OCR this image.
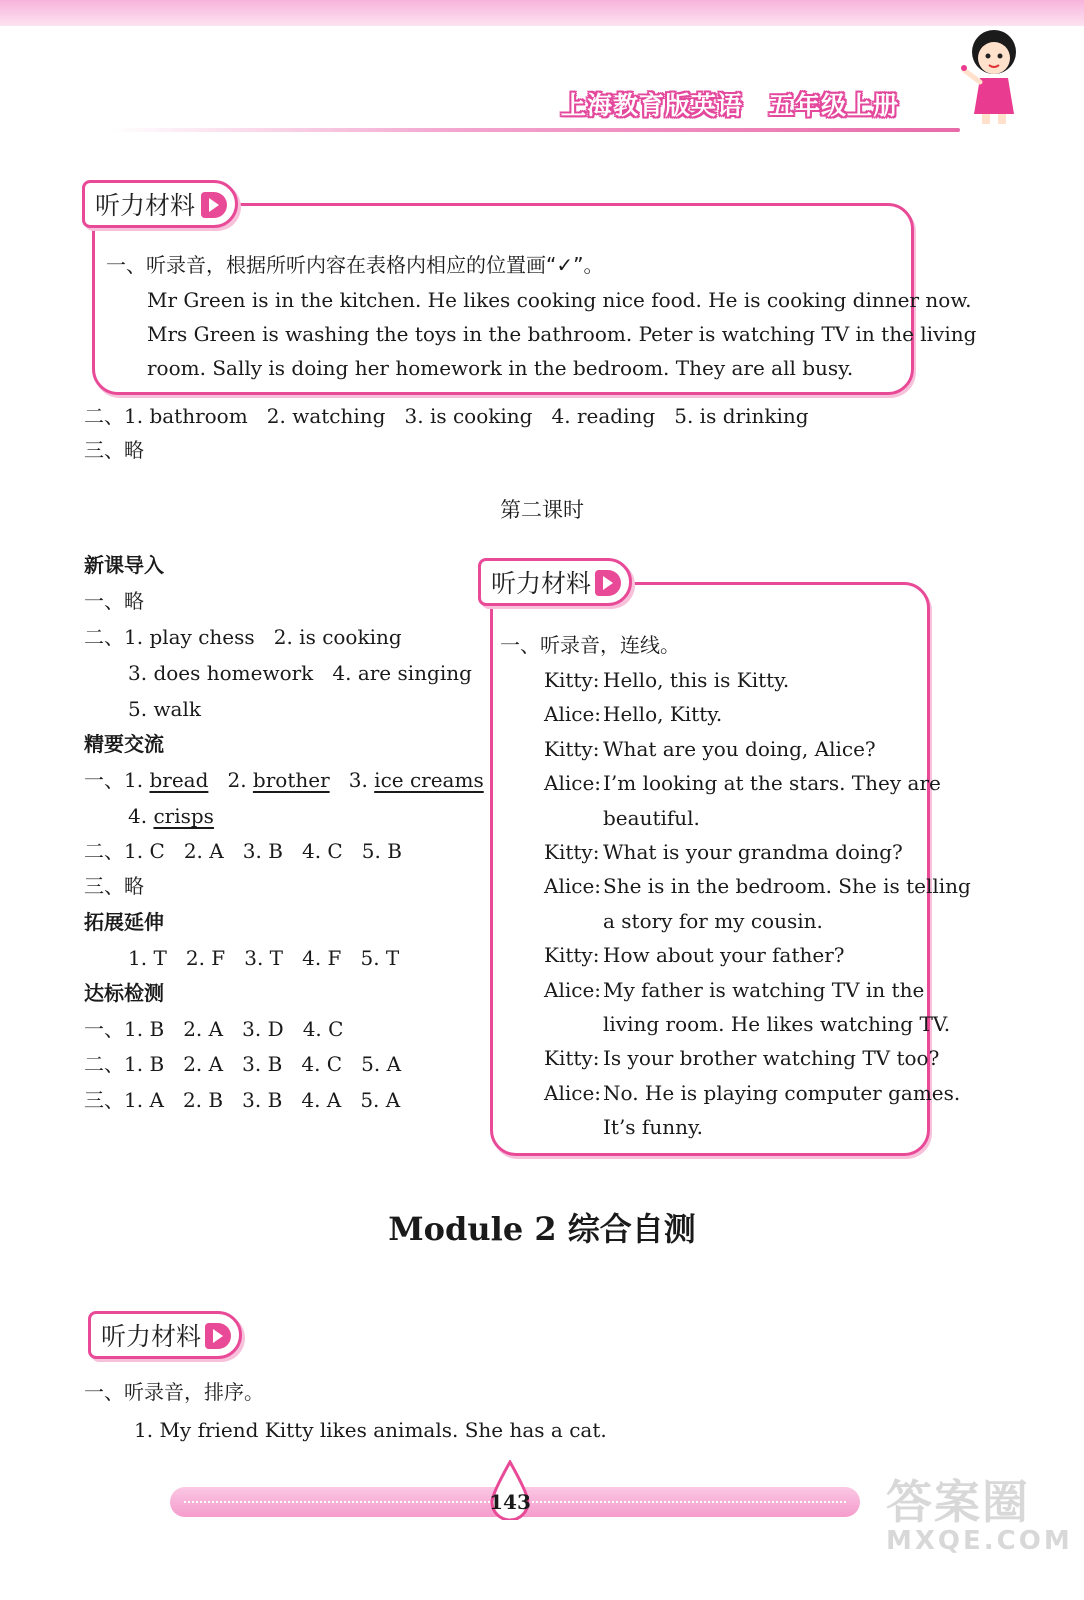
上海教育版英语 五年级上册
听力材料
一、听录音，根据所听内容在表格内相应的位置画“✓”。
Mr Green is in the kitchen. He likes cooking nice food. He is cooking dinner now.
Mrs Green is washing the toys in the bathroom. Peter is watching TV in the living
room. Sally is doing her homework in the bedroom. They are all busy.
二、1. bathroom   2. watching   3. is cooking   4. reading   5. is drinking
三、略
第二课时
新课导入
一、略
二、1. play chess   2. is cooking
3. does homework   4. are singing
5. walk
精要交流
一、1. bread 2. brother 3. ice creams
4. crisps
二、1. C   2. A   3. B   4. C   5. B
三、略
拓展延伸
1. T   2. F   3. T   4. F   5. T
达标检测
一、1. B   2. A   3. D   4. C
二、1. B   2. A   3. B   4. C   5. A
三、1. A   2. B   3. B   4. A   5. A
听力材料
一、听录音，连线。
Kitty: Hello, this is Kitty.
Alice: Hello, Kitty.
Kitty: What are you doing, Alice?
Alice: I’m looking at the stars. They are
beautiful.
Kitty: What is your grandma doing?
Alice: She is in the bedroom. She is telling
a story for my cousin.
Kitty: How about your father?
Alice: My father is watching TV in the
living room. He likes watching TV.
Kitty: Is your brother watching TV too?
Alice: No. He is playing computer games.
It’s funny.
Module 2 综合自测
听力材料
一、听录音，排序。
1. My friend Kitty likes animals. She has a cat.
143	答案圈
MXQE.COM
